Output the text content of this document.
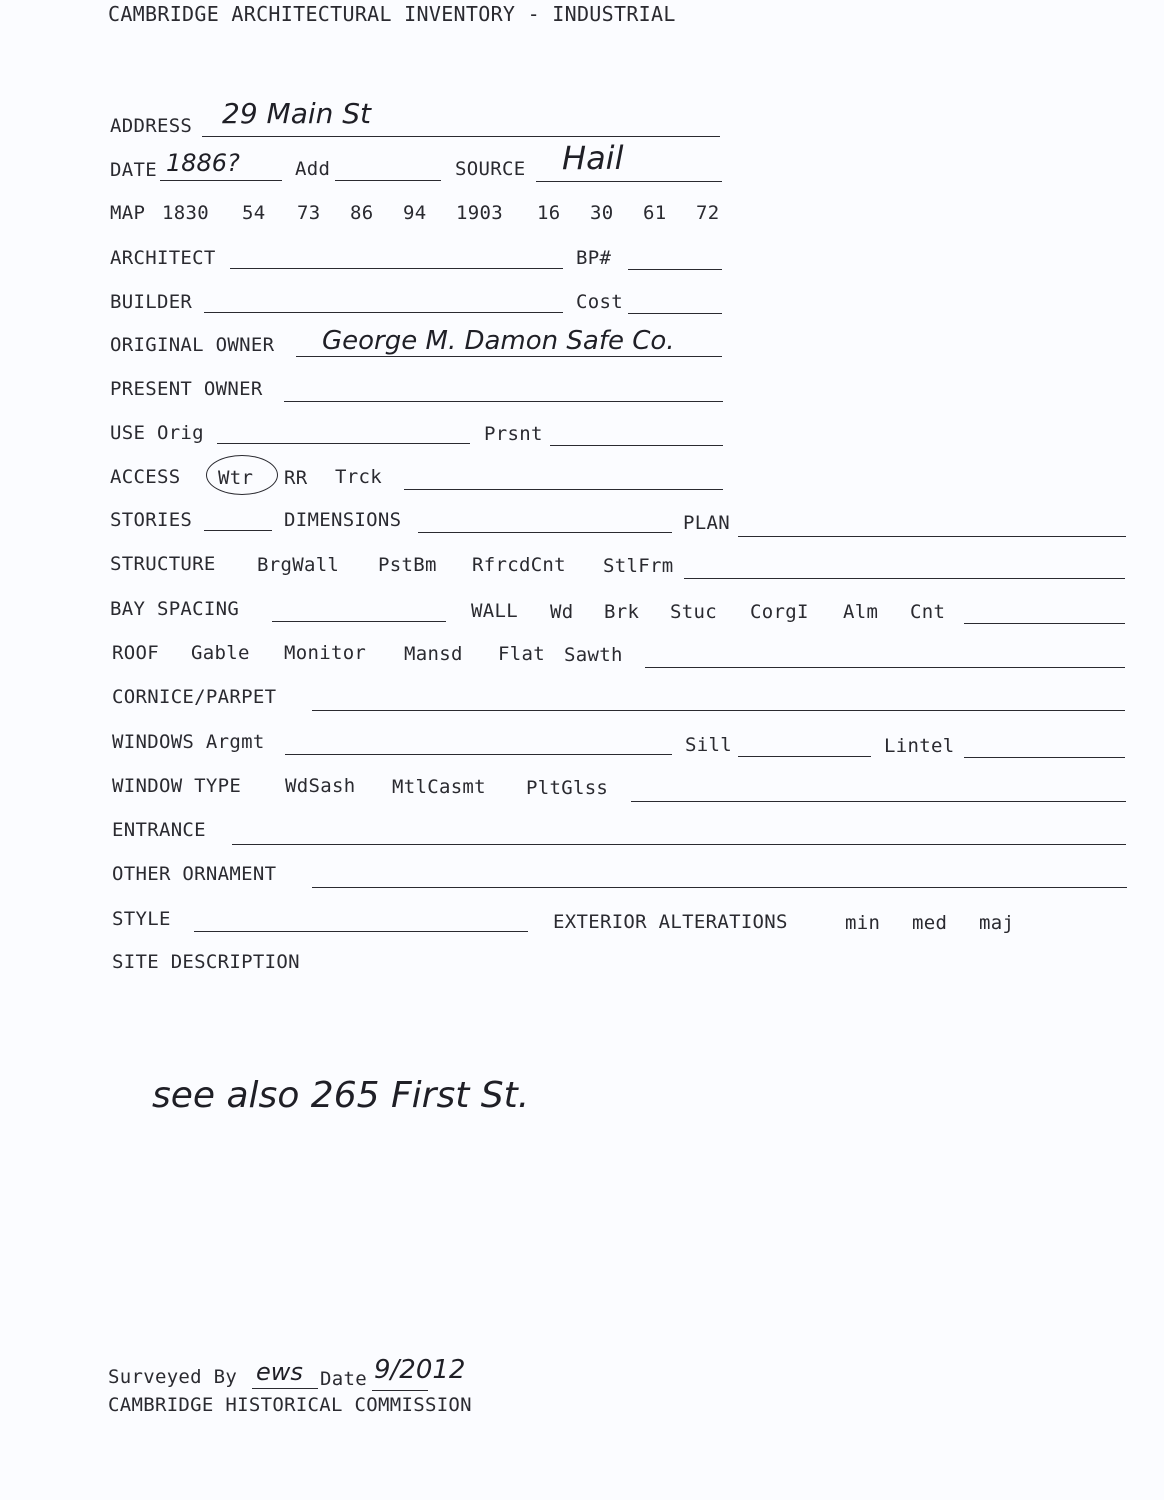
CAMBRIDGE ARCHITECTURAL INVENTORY - INDUSTRIAL
ADDRESS 29 Main St
DATE 1886?	Add	SOURCE Hail
MAP 1830 54 73 86 94 1903 16 30 61 72
ARCHITECT	BP#
BUILDER	Cost
ORIGINAL OWNER George M. Damon Safe Co.
PRESENT OWNER
USE Orig	Prsnt
ACCESS Wtr RR Trck
STORIES	DIMENSIONS	PLAN
STRUCTURE BrgWall PstBm RfrcdCnt StlFrm
BAY SPACING	WALL Wd Brk Stuc CorgI Alm Cnt
ROOF Gable Monitor Mansd Flat Sawth
CORNICE/PARPET
WINDOWS Argmt	Sill	Lintel
WINDOW TYPE WdSash MtlCasmt PltGlss
ENTRANCE
OTHER ORNAMENT
STYLE	EXTERIOR ALTERATIONS	min med maj
SITE DESCRIPTION
see also 265 First St.
Surveyed By ews Date 9/2012
CAMBRIDGE HISTORICAL COMMISSION
